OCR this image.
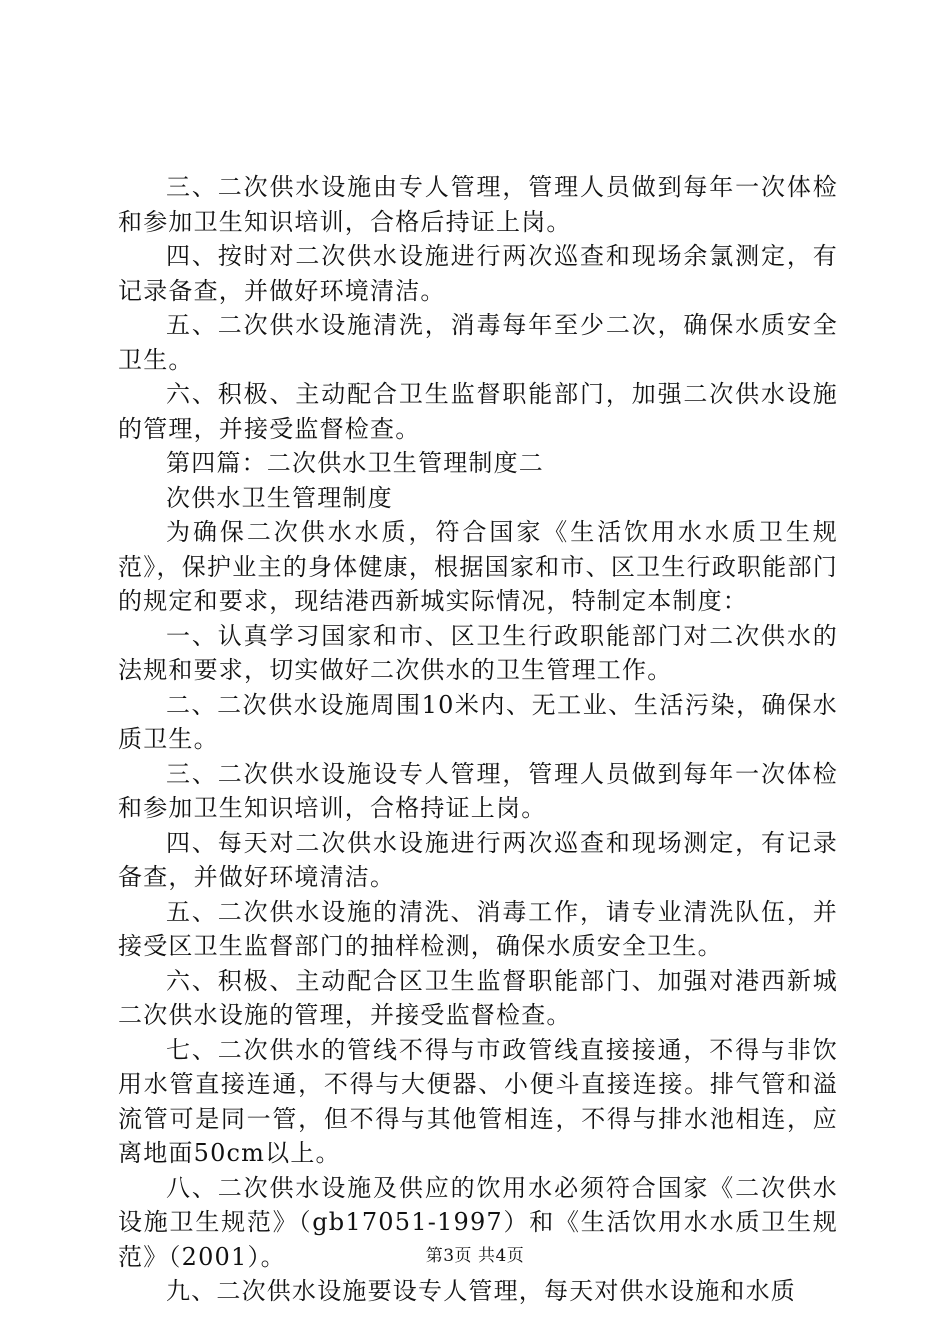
三、二次供水设施由专人管理，管理人员做到每年一次体检和参加卫生知识培训，合格后持证上岗。

四、按时对二次供水设施进行两次巡查和现场余氯测定，有记录备查，并做好环境清洁。

五、二次供水设施清洗，消毒每年至少二次，确保水质安全卫生。

六、积极、主动配合卫生监督职能部门，加强二次供水设施的管理，并接受监督检查。

第四篇：二次供水卫生管理制度二

次供水卫生管理制度

为确保二次供水水质，符合国家《生活饮用水水质卫生规范》，保护业主的身体健康，根据国家和市、区卫生行政职能部门的规定和要求，现结港西新城实际情况，特制定本制度：

一、认真学习国家和市、区卫生行政职能部门对二次供水的法规和要求，切实做好二次供水的卫生管理工作。

二、二次供水设施周围10米内、无工业、生活污染，确保水质卫生。

三、二次供水设施设专人管理，管理人员做到每年一次体检和参加卫生知识培训，合格持证上岗。

四、每天对二次供水设施进行两次巡查和现场测定，有记录备查，并做好环境清洁。

五、二次供水设施的清洗、消毒工作，请专业清洗队伍，并接受区卫生监督部门的抽样检测，确保水质安全卫生。

六、积极、主动配合区卫生监督职能部门、加强对港西新城二次供水设施的管理，并接受监督检查。

七、二次供水的管线不得与市政管线直接接通，不得与非饮用水管直接连通，不得与大便器、小便斗直接连接。排气管和溢流管可是同一管，但不得与其他管相连，不得与排水池相连，应离地面50cm以上。

八、二次供水设施及供应的饮用水必须符合国家《二次供水设施卫生规范》（gb17051-1997）和《生活饮用水水质卫生规范》（2001）。

九、二次供水设施要设专人管理，每天对供水设施和水质

第3页 共4页
